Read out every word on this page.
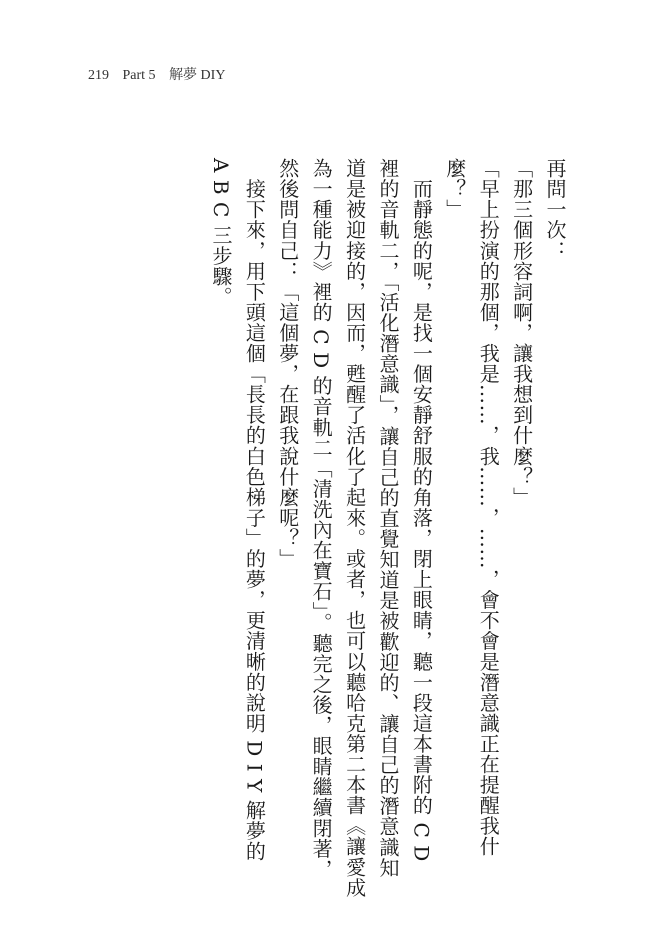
219 Part 5 解夢 DIY

再問一次：

「那三個形容詞啊，讓我想到什麼？」

「早上扮演的那個，我是……，我……，……，會不會是潛意識正在提醒我什

麼？」

　而靜態的呢，是找一個安靜舒服的角落，閉上眼睛，聽一段這本書附的 C D

裡的音軌二，「活化潛意識」，讓自己的直覺知道是被歡迎的、讓自己的潛意識知

道是被迎接的，因而，甦醒了活化了起來。或者，也可以聽哈克第二本書《讓愛成

為一種能力》裡的 C D 的音軌二「清洗內在寶石」。聽完之後，眼睛繼續閉著，

然後問自己：「這個夢，在跟我說什麼呢？」

　接下來，用下頭這個「長長的白色梯子」的夢，更清晰的說明 D I Y 解夢的

A B C 三步驟。
